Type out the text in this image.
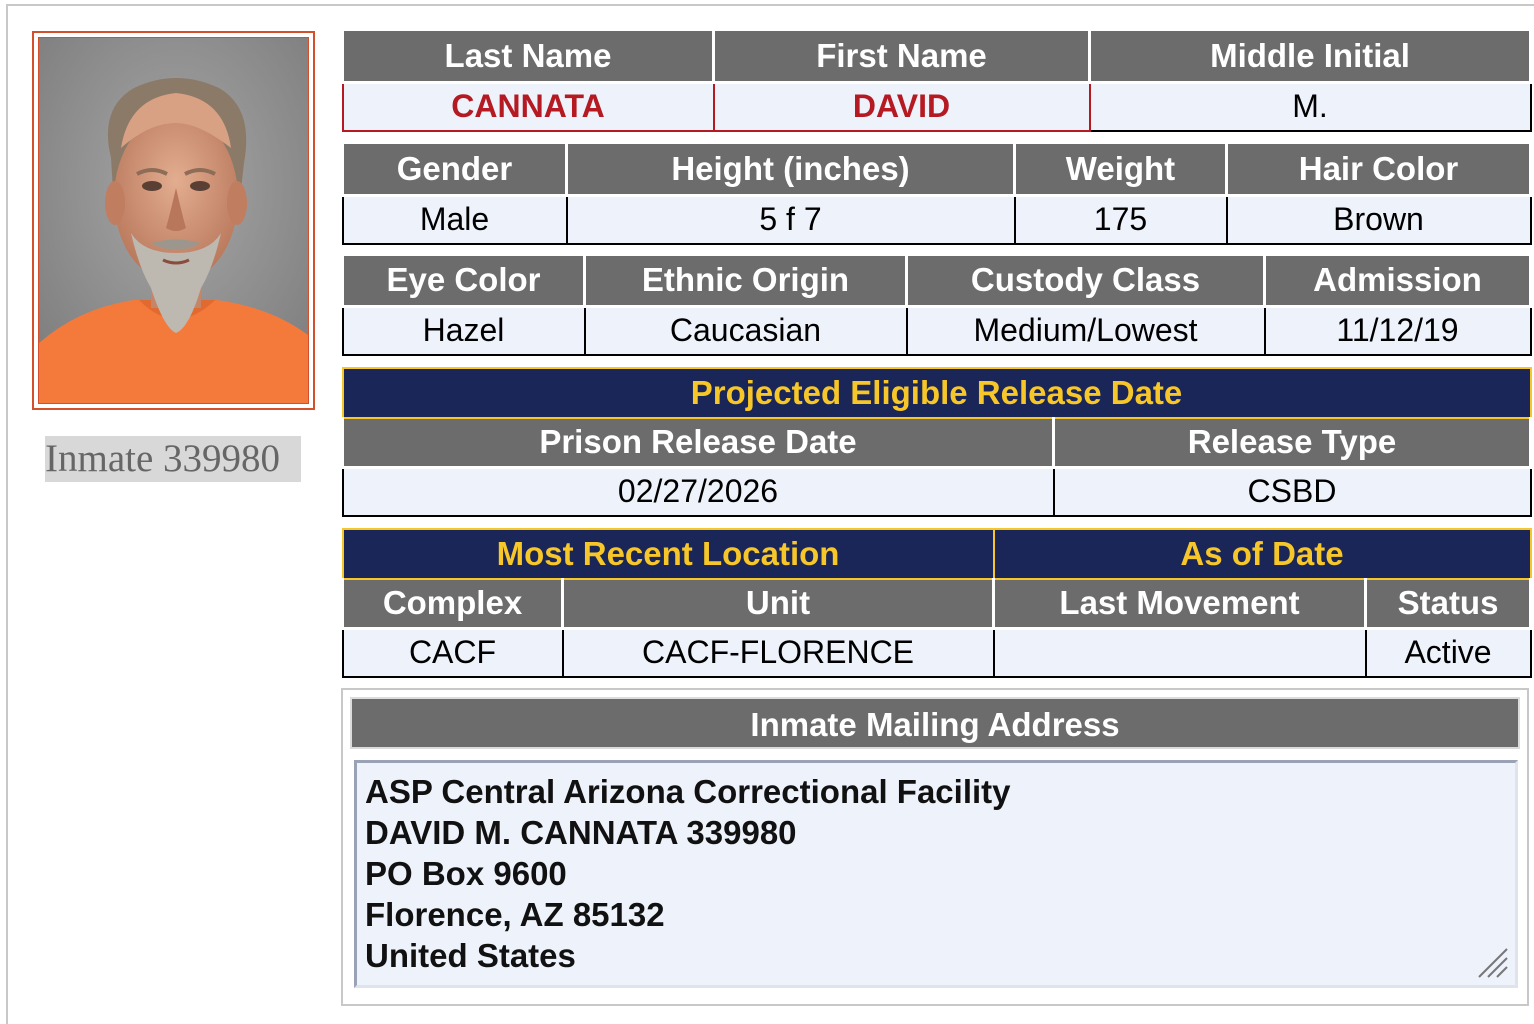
Inmate 339980
Last Name	First Name	Middle Initial
CANNATA	DAVID	M.
Gender	Height (inches)	Weight	Hair Color
Male	5 f 7	175	Brown
Eye Color	Ethnic Origin	Custody Class	Admission
Hazel	Caucasian	Medium/Lowest	11/12/19
Projected Eligible Release Date	
Prison Release Date	Release Type
02/27/2026	CSBD
Most Recent Location		As of Date	
Complex	Unit	Last Movement	Status
CACF	CACF-FLORENCE		Active
Inmate Mailing Address
ASP Central Arizona Correctional Facility
DAVID M. CANNATA 339980
PO Box 9600
Florence, AZ 85132
United States
